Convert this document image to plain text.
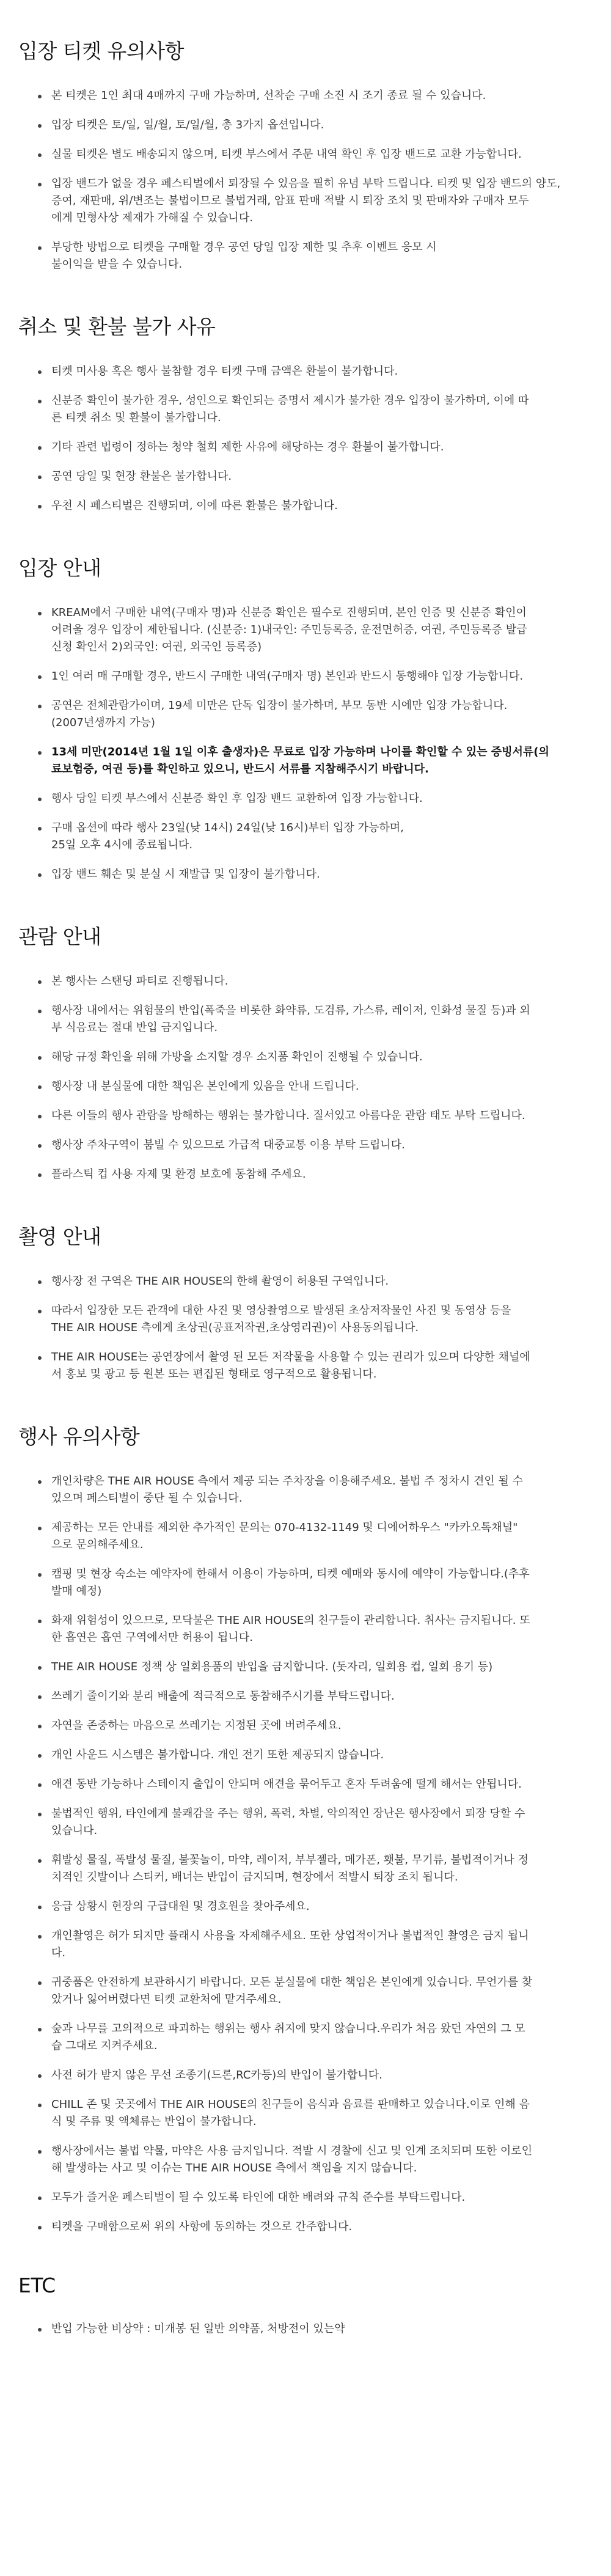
입장 티켓 유의사항
본 티켓은 1인 최대 4매까지 구매 가능하며, 선착순 구매 소진 시 조기 종료 될 수 있습니다.
입장 티켓은 토/일, 일/월, 토/일/월, 총 3가지 옵션입니다.
실물 티켓은 별도 배송되지 않으며, 티켓 부스에서 주문 내역 확인 후 입장 밴드로 교환 가능합니다.
입장 밴드가 없을 경우 페스티벌에서 퇴장될 수 있음을 필히 유념 부탁 드립니다. 티켓 및 입장 밴드의 양도,
증여, 재판매, 위/변조는 불법이므로 불법거래, 암표 판매 적발 시 퇴장 조치 및 판매자와 구매자 모두
에게 민형사상 제재가 가해질 수 있습니다.
부당한 방법으로 티켓을 구매할 경우 공연 당일 입장 제한 및 추후 이벤트 응모 시
불이익을 받을 수 있습니다.
취소 및 환불 불가 사유
티켓 미사용 혹은 행사 불참할 경우 티켓 구매 금액은 환불이 불가합니다.
신분증 확인이 불가한 경우, 성인으로 확인되는 증명서 제시가 불가한 경우 입장이 불가하며, 이에 따
른 티켓 취소 및 환불이 불가합니다.
기타 관련 법령이 정하는 청약 철회 제한 사유에 해당하는 경우 환불이 불가합니다.
공연 당일 및 현장 환불은 불가합니다.
우천 시 페스티벌은 진행되며, 이에 따른 환불은 불가합니다.
입장 안내
KREAM에서 구매한 내역(구매자 명)과 신분증 확인은 필수로 진행되며, 본인 인증 및 신분증 확인이
어려울 경우 입장이 제한됩니다. (신분증: 1)내국인: 주민등록증, 운전면허증, 여권, 주민등록증 발급
신청 확인서 2)외국인: 여권, 외국인 등록증)
1인 여러 매 구매할 경우, 반드시 구매한 내역(구매자 명) 본인과 반드시 동행해야 입장 가능합니다.
공연은 전체관람가이며, 19세 미만은 단독 입장이 불가하며, 부모 동반 시에만 입장 가능합니다.
(2007년생까지 가능)
13세 미만(2014년 1월 1일 이후 출생자)은 무료로 입장 가능하며 나이를 확인할 수 있는 증빙서류(의
료보험증, 여권 등)를 확인하고 있으니, 반드시 서류를 지참해주시기 바랍니다.
행사 당일 티켓 부스에서 신분증 확인 후 입장 밴드 교환하여 입장 가능합니다.
구매 옵션에 따라 행사 23일(낮 14시) 24일(낮 16시)부터 입장 가능하며,
25일 오후 4시에 종료됩니다.
입장 밴드 훼손 및 분실 시 재발급 및 입장이 불가합니다.
관람 안내
본 행사는 스탠딩 파티로 진행됩니다.
행사장 내에서는 위험물의 반입(폭죽을 비롯한 화약류, 도검류, 가스류, 레이저, 인화성 물질 등)과 외
부 식음료는 절대 반입 금지입니다.
해당 규정 확인을 위해 가방을 소지할 경우 소지품 확인이 진행될 수 있습니다.
행사장 내 분실물에 대한 책임은 본인에게 있음을 안내 드립니다.
다른 이들의 행사 관람을 방해하는 행위는 불가합니다. 질서있고 아름다운 관람 태도 부탁 드립니다.
행사장 주차구역이 붐빌 수 있으므로 가급적 대중교통 이용 부탁 드립니다.
플라스틱 컵 사용 자제 및 환경 보호에 동참해 주세요.
촬영 안내
행사장 전 구역은 THE AIR HOUSE의 한해 촬영이 허용된 구역입니다.
따라서 입장한 모든 관객에 대한 사진 및 영상촬영으로 발생된 초상저작물인 사진 및 동영상 등을
THE AIR HOUSE 측에게 초상권(공표저작권,초상영리권)이 사용동의됩니다.
THE AIR HOUSE는 공연장에서 촬영 된 모든 저작물을 사용할 수 있는 권리가 있으며 다양한 채널에
서 홍보 및 광고 등 원본 또는 편집된 형태로 영구적으로 활용됩니다.
행사 유의사항
개인차량은 THE AIR HOUSE 측에서 제공 되는 주차장을 이용해주세요. 불법 주 정차시 견인 될 수
있으며 페스티벌이 중단 될 수 있습니다.
제공하는 모든 안내를 제외한 추가적인 문의는 070-4132-1149 및 디에어하우스 "카카오톡채널"
으로 문의해주세요.
캠핑 및 현장 숙소는 예약자에 한해서 이용이 가능하며, 티켓 예매와 동시에 예약이 가능합니다.(추후
발매 예정)
화재 위험성이 있으므로, 모닥불은 THE AIR HOUSE의 친구들이 관리합니다. 취사는 금지됩니다. 또
한 흡연은 흡연 구역에서만 허용이 됩니다.
THE AIR HOUSE 정책 상 일회용품의 반입을 금지합니다. (돗자리, 일회용 컵, 일회 용기 등)
쓰레기 줄이기와 분리 배출에 적극적으로 동참해주시기를 부탁드립니다.
자연을 존중하는 마음으로 쓰레기는 지정된 곳에 버려주세요.
개인 사운드 시스템은 불가합니다. 개인 전기 또한 제공되지 않습니다.
애견 동반 가능하나 스테이지 출입이 안되며 애견을 묶어두고 혼자 두려움에 떨게 해서는 안됩니다.
불법적인 행위, 타인에게 불쾌감을 주는 행위, 폭력, 차별, 악의적인 장난은 행사장에서 퇴장 당할 수
있습니다.
휘발성 물질, 폭발성 물질, 불꽃놀이, 마약, 레이저, 부부젤라, 메가폰, 횃불, 무기류, 불법적이거나 정
치적인 깃발이나 스티커, 배너는 반입이 금지되며, 현장에서 적발시 퇴장 조치 됩니다.
응급 상황시 현장의 구급대원 및 경호원을 찾아주세요.
개인촬영은 허가 되지만 플래시 사용을 자제해주세요. 또한 상업적이거나 불법적인 촬영은 금지 됩니
다.
귀중품은 안전하게 보관하시기 바랍니다. 모든 분실물에 대한 책임은 본인에게 있습니다. 무언가를 찾
았거나 잃어버렸다면 티켓 교환처에 맡겨주세요.
숲과 나무를 고의적으로 파괴하는 행위는 행사 취지에 맞지 않습니다.우리가 처음 왔던 자연의 그 모
습 그대로 지켜주세요.
사전 허가 받지 않은 무선 조종기(드론,RC카등)의 반입이 불가합니다.
CHILL 존 및 곳곳에서 THE AIR HOUSE의 친구들이 음식과 음료를 판매하고 있습니다.이로 인해 음
식 및 주류 및 액체류는 반입이 불가합니다.
행사장에서는 불법 약물, 마약은 사용 금지입니다. 적발 시 경찰에 신고 및 인계 조치되며 또한 이로인
해 발생하는 사고 및 이슈는 THE AIR HOUSE 측에서 책임을 지지 않습니다.
모두가 즐거운 페스티벌이 될 수 있도록 타인에 대한 배려와 규칙 준수를 부탁드립니다.
티켓을 구매함으로써 위의 사항에 동의하는 것으로 간주합니다.
ETC
반입 가능한 비상약 : 미개봉 된 일반 의약품, 처방전이 있는약
